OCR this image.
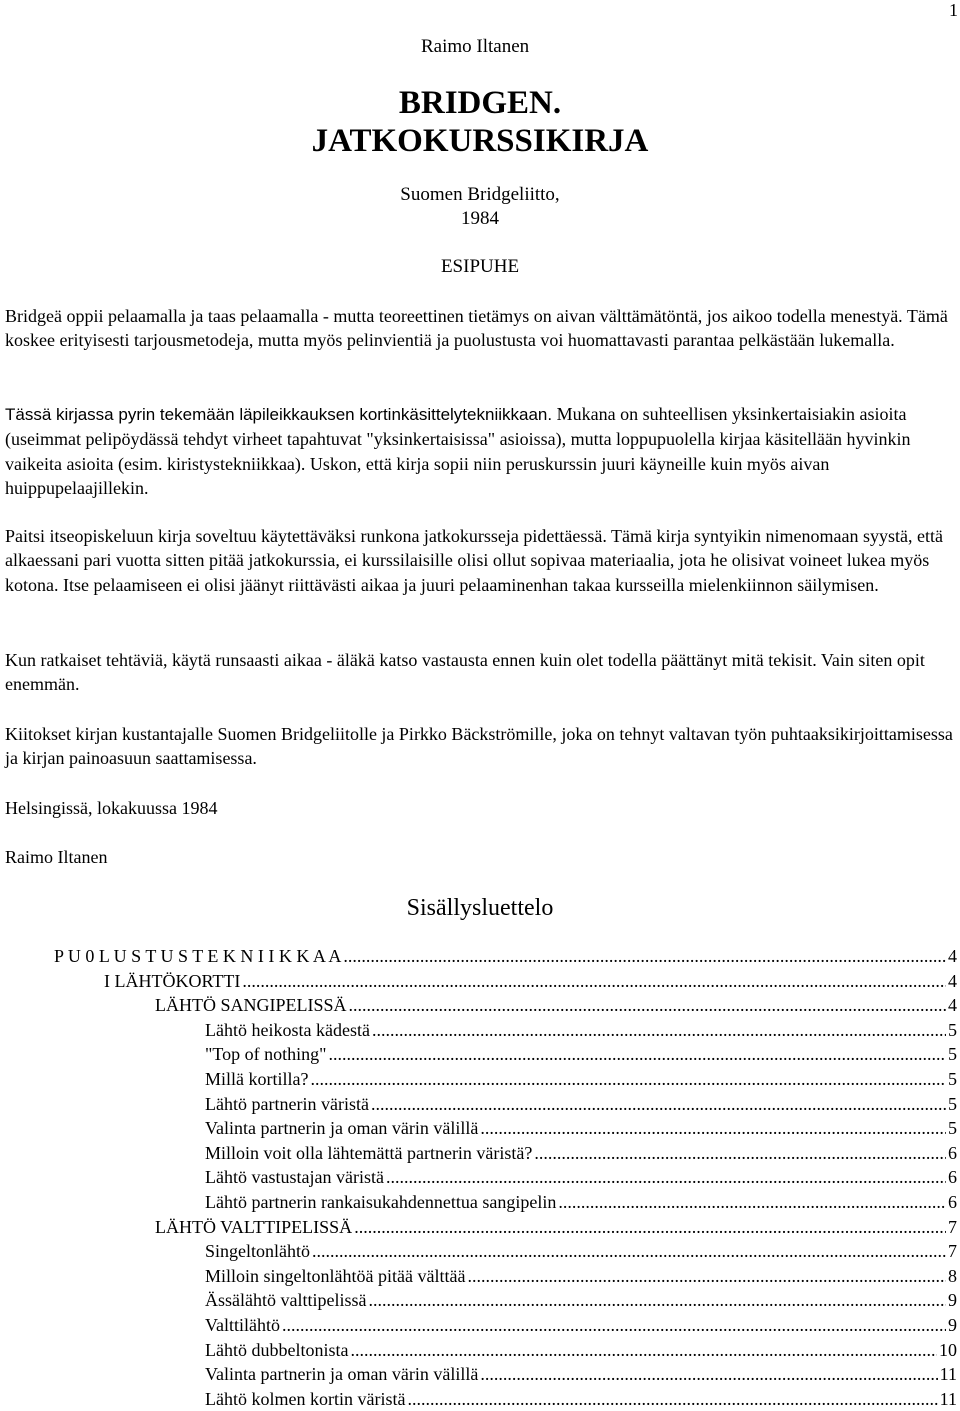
1
Raimo Iltanen
BRIDGEN.
JATKOKURSSIKIRJA
Suomen Bridgeliitto,
1984
ESIPUHE
Bridgeä oppii pelaamalla ja taas pelaamalla - mutta teoreettinen tietämys on aivan välttämätöntä, jos aikoo todella menestyä. Tämä koskee erityisesti tarjousmetodeja, mutta myös pelinvientiä ja puolustusta voi huomattavasti parantaa pelkästään lukemalla.
Tässä kirjassa pyrin tekemään läpileikkauksen kortinkäsittelytekniikkaan. Mukana on suhteellisen yksinkertaisiakin asioita (useimmat pelipöydässä tehdyt virheet tapahtuvat "yksinkertaisissa" asioissa), mutta loppupuolella kirjaa käsitellään hyvinkin vaikeita asioita (esim. kiristystekniikkaa). Uskon, että kirja sopii niin peruskurssin juuri käyneille kuin myös aivan huippupelaajillekin.
Paitsi itseopiskeluun kirja soveltuu käytettäväksi runkona jatkokursseja pidettäessä. Tämä kirja syntyikin nimenomaan syystä, että alkaessani pari vuotta sitten pitää jatkokurssia, ei kurssilaisille olisi ollut sopivaa materiaalia, jota he olisivat voineet lukea myös kotona. Itse pelaamiseen ei olisi jäänyt riittävästi aikaa ja juuri pelaaminenhan takaa kursseilla mielenkiinnon säilymisen.
Kun ratkaiset tehtäviä, käytä runsaasti aikaa - äläkä katso vastausta ennen kuin olet todella päättänyt mitä tekisit. Vain siten opit enemmän.
Kiitokset kirjan kustantajalle Suomen Bridgeliitolle ja Pirkko Bäckströmille, joka on tehnyt valtavan työn puhtaaksikirjoittamisessa ja kirjan painoasuun saattamisessa.
Helsingissä, lokakuussa 1984
Raimo Iltanen
Sisällysluettelo
P U 0 L U S T U S T E K N I I K K A A .....	4
I LÄHTÖKORTTI .....	4
LÄHTÖ SANGIPELISSÄ .....	4
Lähtö heikosta kädestä .....	5
"Top of nothing" .....	5
Millä kortilla? .....	5
Lähtö partnerin väristä .....	5
Valinta partnerin ja oman värin välillä .....	5
Milloin voit olla lähtemättä partnerin väristä? .....	6
Lähtö vastustajan väristä .....	6
Lähtö partnerin rankaisukahdennettua sangipelin .....	6
LÄHTÖ VALTTIPELISSÄ .....	7
Singeltonlähtö .....	7
Milloin singeltonlähtöä pitää välttää .....	8
Ässälähtö valttipelissä .....	9
Valttilähtö .....	9
Lähtö dubbeltonista .....	10
Valinta partnerin ja oman värin välillä .....	11
Lähtö kolmen kortin väristä .....	11
